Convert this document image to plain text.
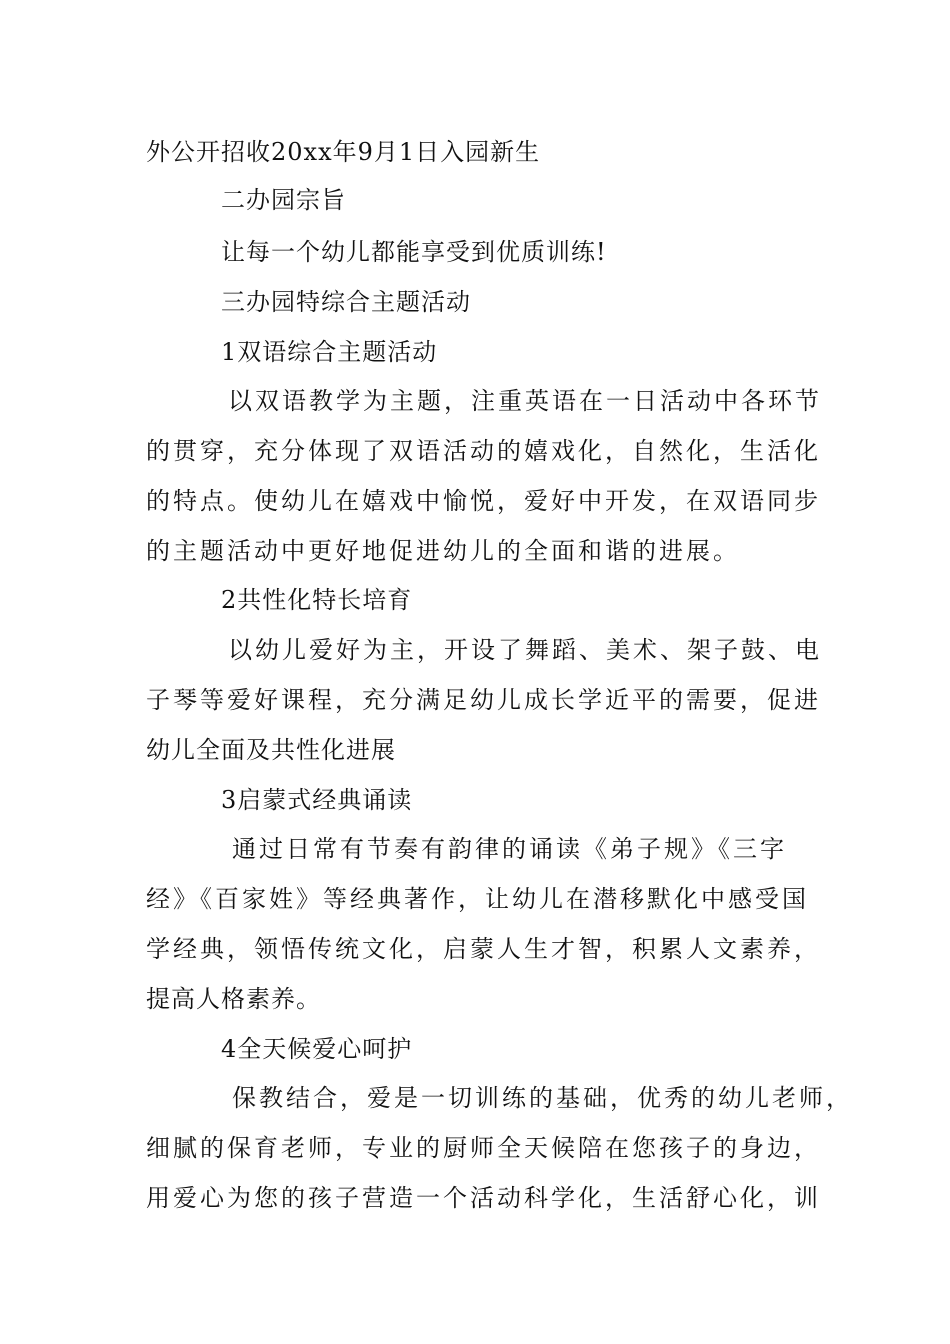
外公开招收20xx年9月1日入园新生
二办园宗旨
让每一个幼儿都能享受到优质训练!
三办园特综合主题活动
1双语综合主题活动
以双语教学为主题，注重英语在一日活动中各环节
的贯穿，充分体现了双语活动的嬉戏化，自然化，生活化
的特点。使幼儿在嬉戏中愉悦，爱好中开发，在双语同步
的主题活动中更好地促进幼儿的全面和谐的进展。
2共性化特长培育
以幼儿爱好为主，开设了舞蹈、美术、架子鼓、电
子琴等爱好课程，充分满足幼儿成长学近平的需要，促进
幼儿全面及共性化进展
3启蒙式经典诵读
通过日常有节奏有韵律的诵读《弟子规》《三字
经》《百家姓》等经典著作，让幼儿在潜移默化中感受国
学经典，领悟传统文化，启蒙人生才智，积累人文素养，
提高人格素养。
4全天候爱心呵护
保教结合，爱是一切训练的基础，优秀的幼儿老师，
细腻的保育老师，专业的厨师全天候陪在您孩子的身边，
用爱心为您的孩子营造一个活动科学化，生活舒心化，训
